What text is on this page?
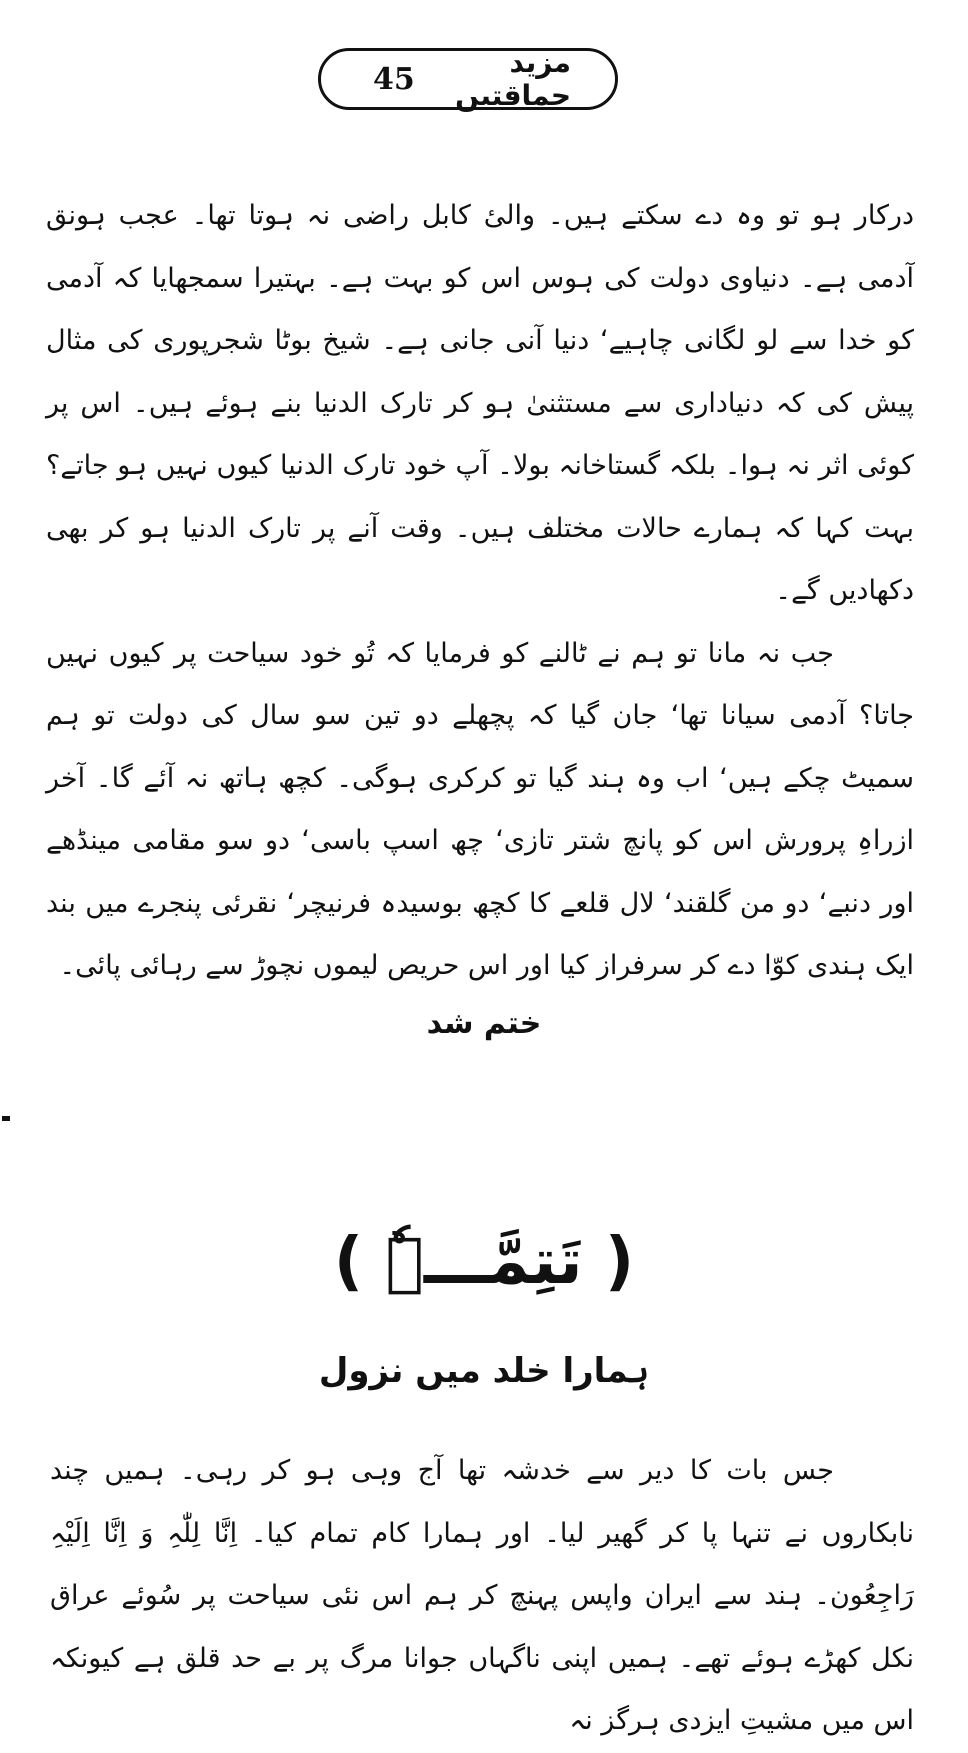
45	مزید حماقتیں

درکار ہو تو وہ دے سکتے ہیں۔ والیٔ کابل راضی نہ ہوتا تھا۔ عجب ہونق آدمی ہے۔ دنیاوی دولت کی ہوس اس کو بہت ہے۔ بہتیرا سمجھایا کہ آدمی کو خدا سے لو لگانی چاہیے‘ دنیا آنی جانی ہے۔ شیخ بوٹا شجرپوری کی مثال پیش کی کہ دنیاداری سے مستثنیٰ ہو کر تارک الدنیا بنے ہوئے ہیں۔ اس پر کوئی اثر نہ ہوا۔ بلکہ گستاخانہ بولا۔ آپ خود تارک الدنیا کیوں نہیں ہو جاتے؟ بہت کہا کہ ہمارے حالات مختلف ہیں۔ وقت آنے پر تارک الدنیا ہو کر بھی دکھادیں گے۔

جب نہ مانا تو ہم نے ٹالنے کو فرمایا کہ تُو خود سیاحت پر کیوں نہیں جاتا؟ آدمی سیانا تھا‘ جان گیا کہ پچھلے دو تین سو سال کی دولت تو ہم سمیٹ چکے ہیں‘ اب وہ ہند گیا تو کرکری ہوگی۔ کچھ ہاتھ نہ آئے گا۔ آخر ازراہِ پرورش اس کو پانچ شتر تازی‘ چھ اسپ باسی‘ دو سو مقامی مینڈھے اور دنبے‘ دو من گلقند‘ لال قلعے کا کچھ بوسیدہ فرنیچر‘ نقرئی پنجرے میں بند ایک ہندی کوّا دے کر سرفراز کیا اور اس حریص لیموں نچوڑ سے رہائی پائی۔

ختم شد
( تَتِمَّـــہٗ )
ہمارا خلد میں نزول

جس بات کا دیر سے خدشہ تھا آج وہی ہو کر رہی۔ ہمیں چند نابکاروں نے تنہا پا کر گھیر لیا۔ اور ہمارا کام تمام کیا۔ اِنَّا لِلّٰہِ وَ اِنَّا اِلَیْہِ رَاجِعُون۔ ہند سے ایران واپس پہنچ کر ہم اس نئی سیاحت پر سُوئے عراق نکل کھڑے ہوئے تھے۔ ہمیں اپنی ناگہاں جوانا مرگ پر بے حد قلق ہے کیونکہ اس میں مشیتِ ایزدی ہرگز نہ
